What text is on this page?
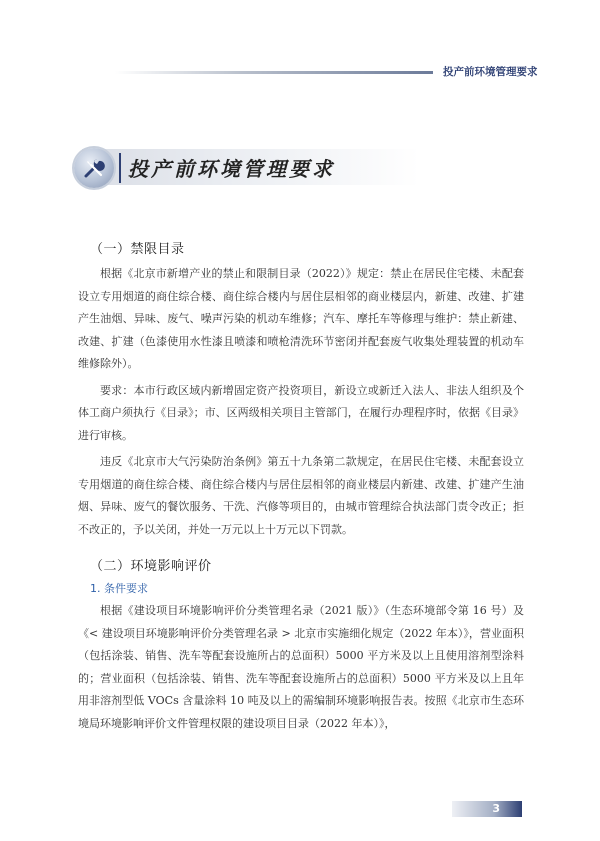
投产前环境管理要求
投产前环境管理要求
（一）禁限目录

根据《北京市新增产业的禁止和限制目录（2022）》规定：禁止在居民住宅楼、未配套设立专用烟道的商住综合楼、商住综合楼内与居住层相邻的商业楼层内，新建、改建、扩建产生油烟、异味、废气、噪声污染的机动车维修；汽车、摩托车等修理与维护：禁止新建、改建、扩建（色漆使用水性漆且喷漆和喷枪清洗环节密闭并配套废气收集处理装置的机动车维修除外）。

要求：本市行政区域内新增固定资产投资项目，新设立或新迁入法人、非法人组织及个体工商户须执行《目录》；市、区两级相关项目主管部门，在履行办理程序时，依据《目录》进行审核。

违反《北京市大气污染防治条例》第五十九条第二款规定，在居民住宅楼、未配套设立专用烟道的商住综合楼、商住综合楼内与居住层相邻的商业楼层内新建、改建、扩建产生油烟、异味、废气的餐饮服务、干洗、汽修等项目的，由城市管理综合执法部门责令改正；拒不改正的，予以关闭，并处一万元以上十万元以下罚款。

（二）环境影响评价
1. 条件要求

根据《建设项目环境影响评价分类管理名录（2021 版）》（生态环境部令第 16 号）及《< 建设项目环境影响评价分类管理名录 > 北京市实施细化规定（2022 年本）》，营业面积（包括涂装、销售、洗车等配套设施所占的总面积）5000 平方米及以上且使用溶剂型涂料的；营业面积（包括涂装、销售、洗车等配套设施所占的总面积）5000 平方米及以上且年用非溶剂型低 VOCs 含量涂料 10 吨及以上的需编制环境影响报告表。按照《北京市生态环境局环境影响评价文件管理权限的建设项目目录（2022 年本）》，

3
